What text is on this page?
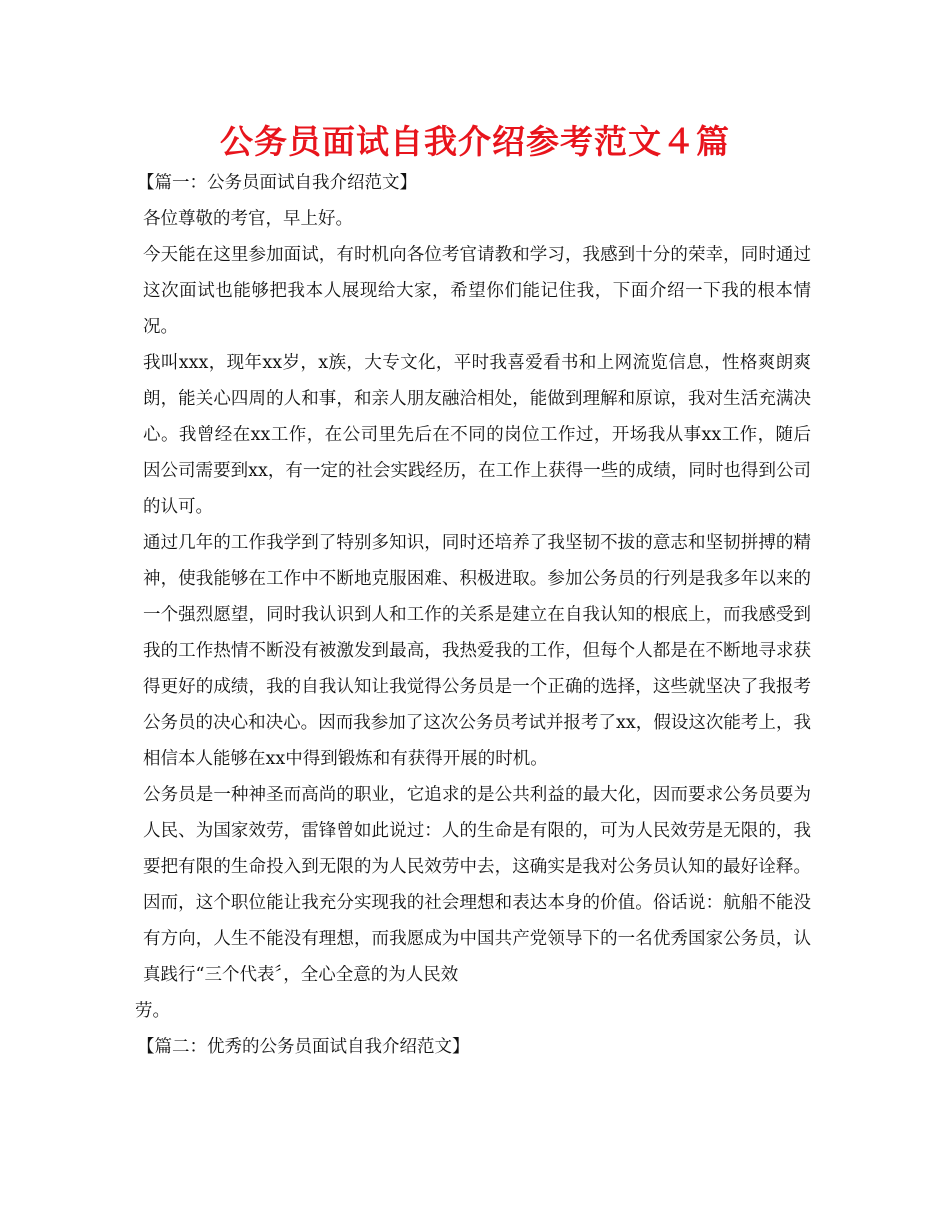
公务员面试自我介绍参考范文４篇

【篇一：公务员面试自我介绍范文】

各位尊敬的考官，早上好。

今天能在这里参加面试，有时机向各位考官请教和学习，我感到十分的荣幸，同时通过这次面试也能够把我本人展现给大家，希望你们能记住我，下面介绍一下我的根本情况。

我叫xxx，现年xx岁，x族，大专文化，平时我喜爱看书和上网流览信息，性格爽朗爽朗，能关心四周的人和事，和亲人朋友融洽相处，能做到理解和原谅，我对生活充满决心。我曾经在xx工作，在公司里先后在不同的岗位工作过，开场我从事xx工作，随后因公司需要到xx，有一定的社会实践经历，在工作上获得一些的成绩，同时也得到公司的认可。

通过几年的工作我学到了特别多知识，同时还培养了我坚韧不拔的意志和坚韧拼搏的精神，使我能够在工作中不断地克服困难、积极进取。参加公务员的行列是我多年以来的一个强烈愿望，同时我认识到人和工作的关系是建立在自我认知的根底上，而我感受到我的工作热情不断没有被激发到最高，我热爱我的工作，但每个人都是在不断地寻求获得更好的成绩，我的自我认知让我觉得公务员是一个正确的选择，这些就坚决了我报考公务员的决心和决心。因而我参加了这次公务员考试并报考了xx，假设这次能考上，我相信本人能够在xx中得到锻炼和有获得开展的时机。

公务员是一种神圣而高尚的职业，它追求的是公共利益的最大化，因而要求公务员要为人民、为国家效劳，雷锋曾如此说过：人的生命是有限的，可为人民效劳是无限的，我要把有限的生命投入到无限的为人民效劳中去，这确实是我对公务员认知的最好诠释。因而，这个职位能让我充分实现我的社会理想和表达本身的价值。俗话说：航船不能没有方向，人生不能没有理想，而我愿成为中国共产党领导下的一名优秀国家公务员，认真践行“三个代表〞，全心全意的为人民效

劳。

【篇二：优秀的公务员面试自我介绍范文】
